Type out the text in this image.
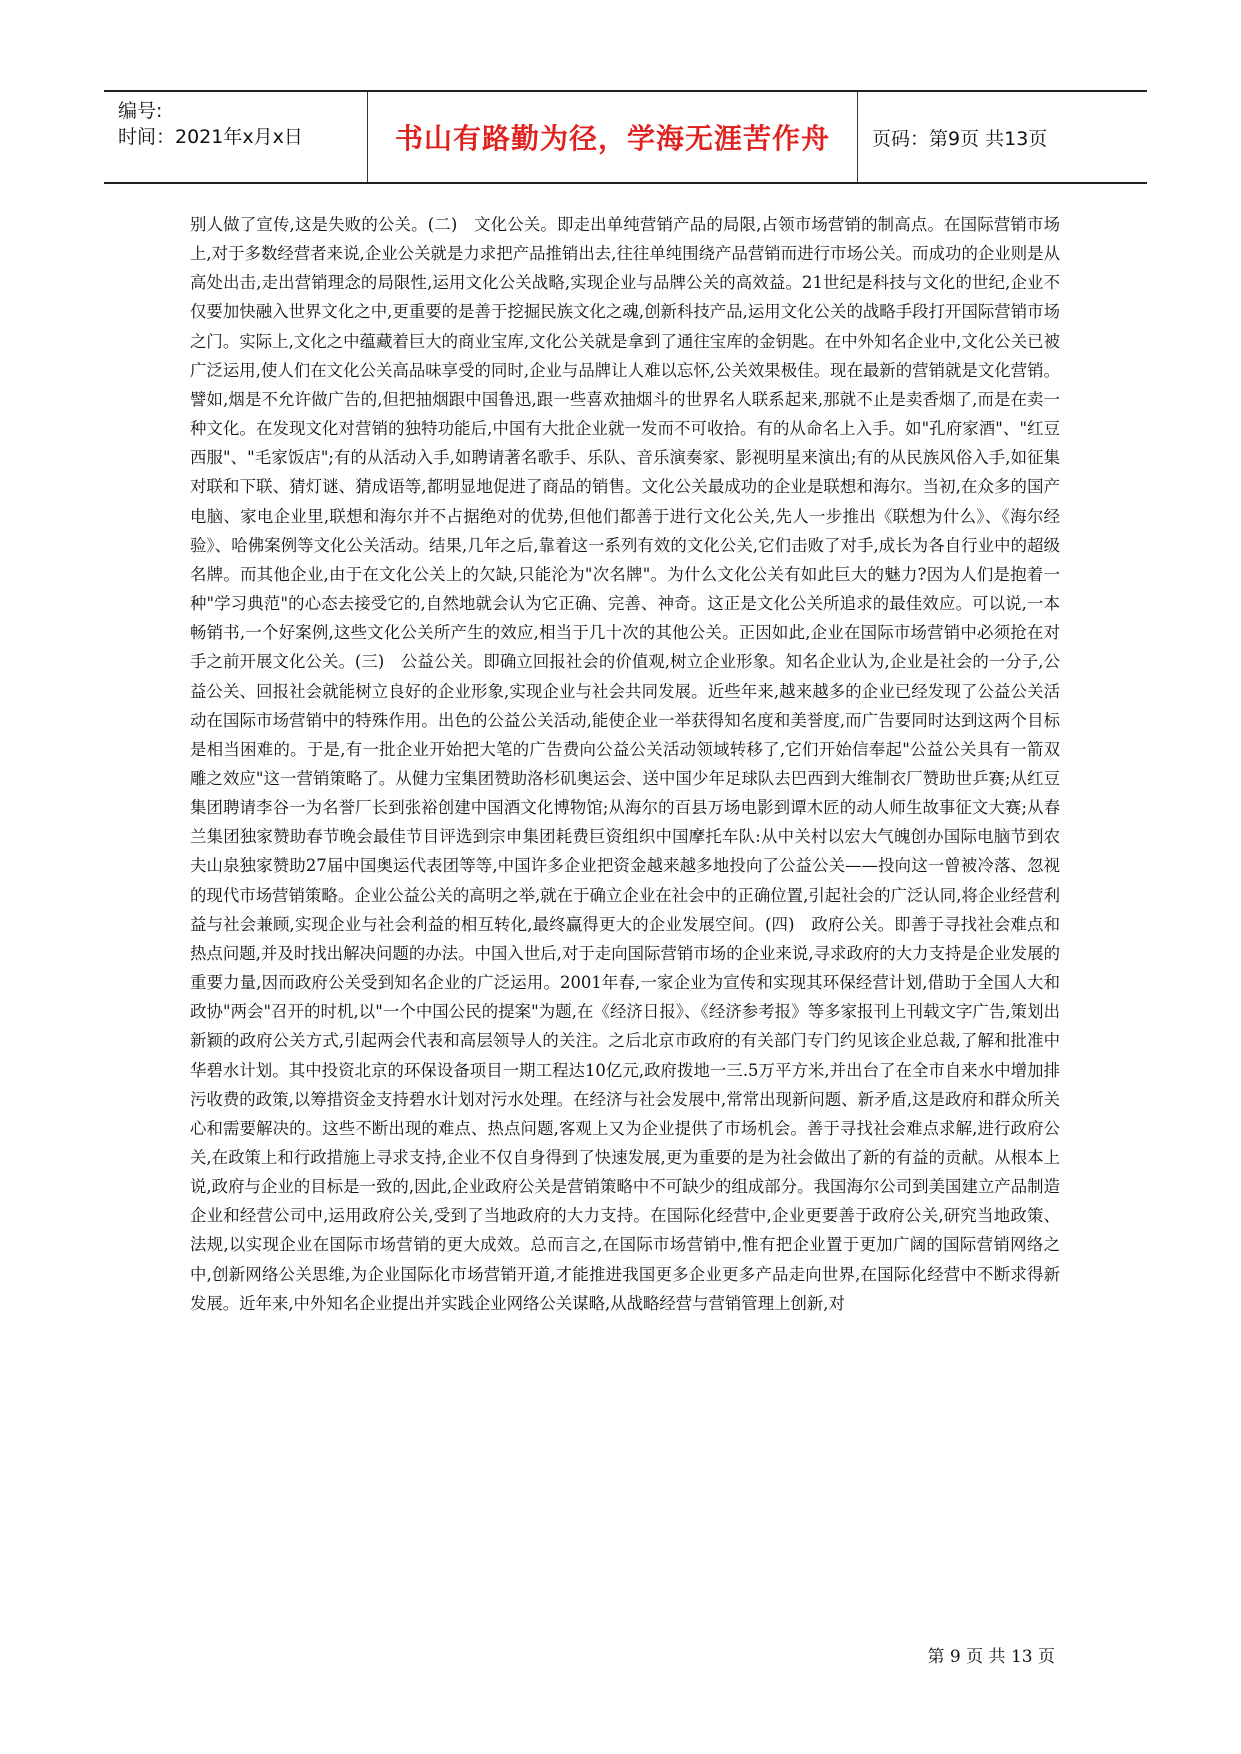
编号:
时间：2021年x月x日	书山有路勤为径，学海无涯苦作舟 页码：第9页 共13页
别人做了宣传,这是失败的公关。(二)　文化公关。即走出单纯营销产品的局限,占领市场营销的制高点。在国际营销市场上,对于多数经营者来说,企业公关就是力求把产品推销出去,往往单纯围绕产品营销而进行市场公关。而成功的企业则是从高处出击,走出营销理念的局限性,运用文化公关战略,实现企业与品牌公关的高效益。21世纪是科技与文化的世纪,企业不仅要加快融入世界文化之中,更重要的是善于挖掘民族文化之魂,创新科技产品,运用文化公关的战略手段打开国际营销市场之门。实际上,文化之中蕴藏着巨大的商业宝库,文化公关就是拿到了通往宝库的金钥匙。在中外知名企业中,文化公关已被广泛运用,使人们在文化公关高品味享受的同时,企业与品牌让人难以忘怀,公关效果极佳。现在最新的营销就是文化营销。譬如,烟是不允许做广告的,但把抽烟跟中国鲁迅,跟一些喜欢抽烟斗的世界名人联系起来,那就不止是卖香烟了,而是在卖一种文化。在发现文化对营销的独特功能后,中国有大批企业就一发而不可收拾。有的从命名上入手。如"孔府家酒"、"红豆西服"、"毛家饭店";有的从活动入手,如聘请著名歌手、乐队、音乐演奏家、影视明星来演出;有的从民族风俗入手,如征集对联和下联、猜灯谜、猜成语等,都明显地促进了商品的销售。文化公关最成功的企业是联想和海尔。当初,在众多的国产电脑、家电企业里,联想和海尔并不占据绝对的优势,但他们都善于进行文化公关,先人一步推出《联想为什么》、《海尔经验》、哈佛案例等文化公关活动。结果,几年之后,靠着这一系列有效的文化公关,它们击败了对手,成长为各自行业中的超级名牌。而其他企业,由于在文化公关上的欠缺,只能沦为"次名牌"。为什么文化公关有如此巨大的魅力?因为人们是抱着一种"学习典范"的心态去接受它的,自然地就会认为它正确、完善、神奇。这正是文化公关所追求的最佳效应。可以说,一本畅销书,一个好案例,这些文化公关所产生的效应,相当于几十次的其他公关。正因如此,企业在国际市场营销中必须抢在对手之前开展文化公关。(三)　公益公关。即确立回报社会的价值观,树立企业形象。知名企业认为,企业是社会的一分子,公益公关、回报社会就能树立良好的企业形象,实现企业与社会共同发展。近些年来,越来越多的企业已经发现了公益公关活动在国际市场营销中的特殊作用。出色的公益公关活动,能使企业一举获得知名度和美誉度,而广告要同时达到这两个目标是相当困难的。于是,有一批企业开始把大笔的广告费向公益公关活动领域转移了,它们开始信奉起"公益公关具有一箭双雕之效应"这一营销策略了。从健力宝集团赞助洛杉矶奥运会、送中国少年足球队去巴西到大维制衣厂赞助世乒赛;从红豆集团聘请李谷一为名誉厂长到张裕创建中国酒文化博物馆;从海尔的百县万场电影到谭木匠的动人师生故事征文大赛;从春兰集团独家赞助春节晚会最佳节目评选到宗申集团耗费巨资组织中国摩托车队:从中关村以宏大气魄创办国际电脑节到农夫山泉独家赞助27届中国奥运代表团等等,中国许多企业把资金越来越多地投向了公益公关——投向这一曾被冷落、忽视的现代市场营销策略。企业公益公关的高明之举,就在于确立企业在社会中的正确位置,引起社会的广泛认同,将企业经营利益与社会兼顾,实现企业与社会利益的相互转化,最终赢得更大的企业发展空间。(四)　政府公关。即善于寻找社会难点和热点问题,并及时找出解决问题的办法。中国入世后,对于走向国际营销市场的企业来说,寻求政府的大力支持是企业发展的重要力量,因而政府公关受到知名企业的广泛运用。2001年春,一家企业为宣传和实现其环保经营计划,借助于全国人大和政协"两会"召开的时机,以"一个中国公民的提案"为题,在《经济日报》、《经济参考报》等多家报刊上刊载文字广告,策划出新颖的政府公关方式,引起两会代表和高层领导人的关注。之后北京市政府的有关部门专门约见该企业总裁,了解和批准中华碧水计划。其中投资北京的环保设备项目一期工程达10亿元,政府拨地一三.5万平方米,并出台了在全市自来水中增加排污收费的政策,以筹措资金支持碧水计划对污水处理。在经济与社会发展中,常常出现新问题、新矛盾,这是政府和群众所关心和需要解决的。这些不断出现的难点、热点问题,客观上又为企业提供了市场机会。善于寻找社会难点求解,进行政府公关,在政策上和行政措施上寻求支持,企业不仅自身得到了快速发展,更为重要的是为社会做出了新的有益的贡献。从根本上说,政府与企业的目标是一致的,因此,企业政府公关是营销策略中不可缺少的组成部分。我国海尔公司到美国建立产品制造企业和经营公司中,运用政府公关,受到了当地政府的大力支持。在国际化经营中,企业更要善于政府公关,研究当地政策、法规,以实现企业在国际市场营销的更大成效。总而言之,在国际市场营销中,惟有把企业置于更加广阔的国际营销网络之中,创新网络公关思维,为企业国际化市场营销开道,才能推进我国更多企业更多产品走向世界,在国际化经营中不断求得新发展。近年来,中外知名企业提出并实践企业网络公关谋略,从战略经营与营销管理上创新,对
第 9 页 共 13 页
